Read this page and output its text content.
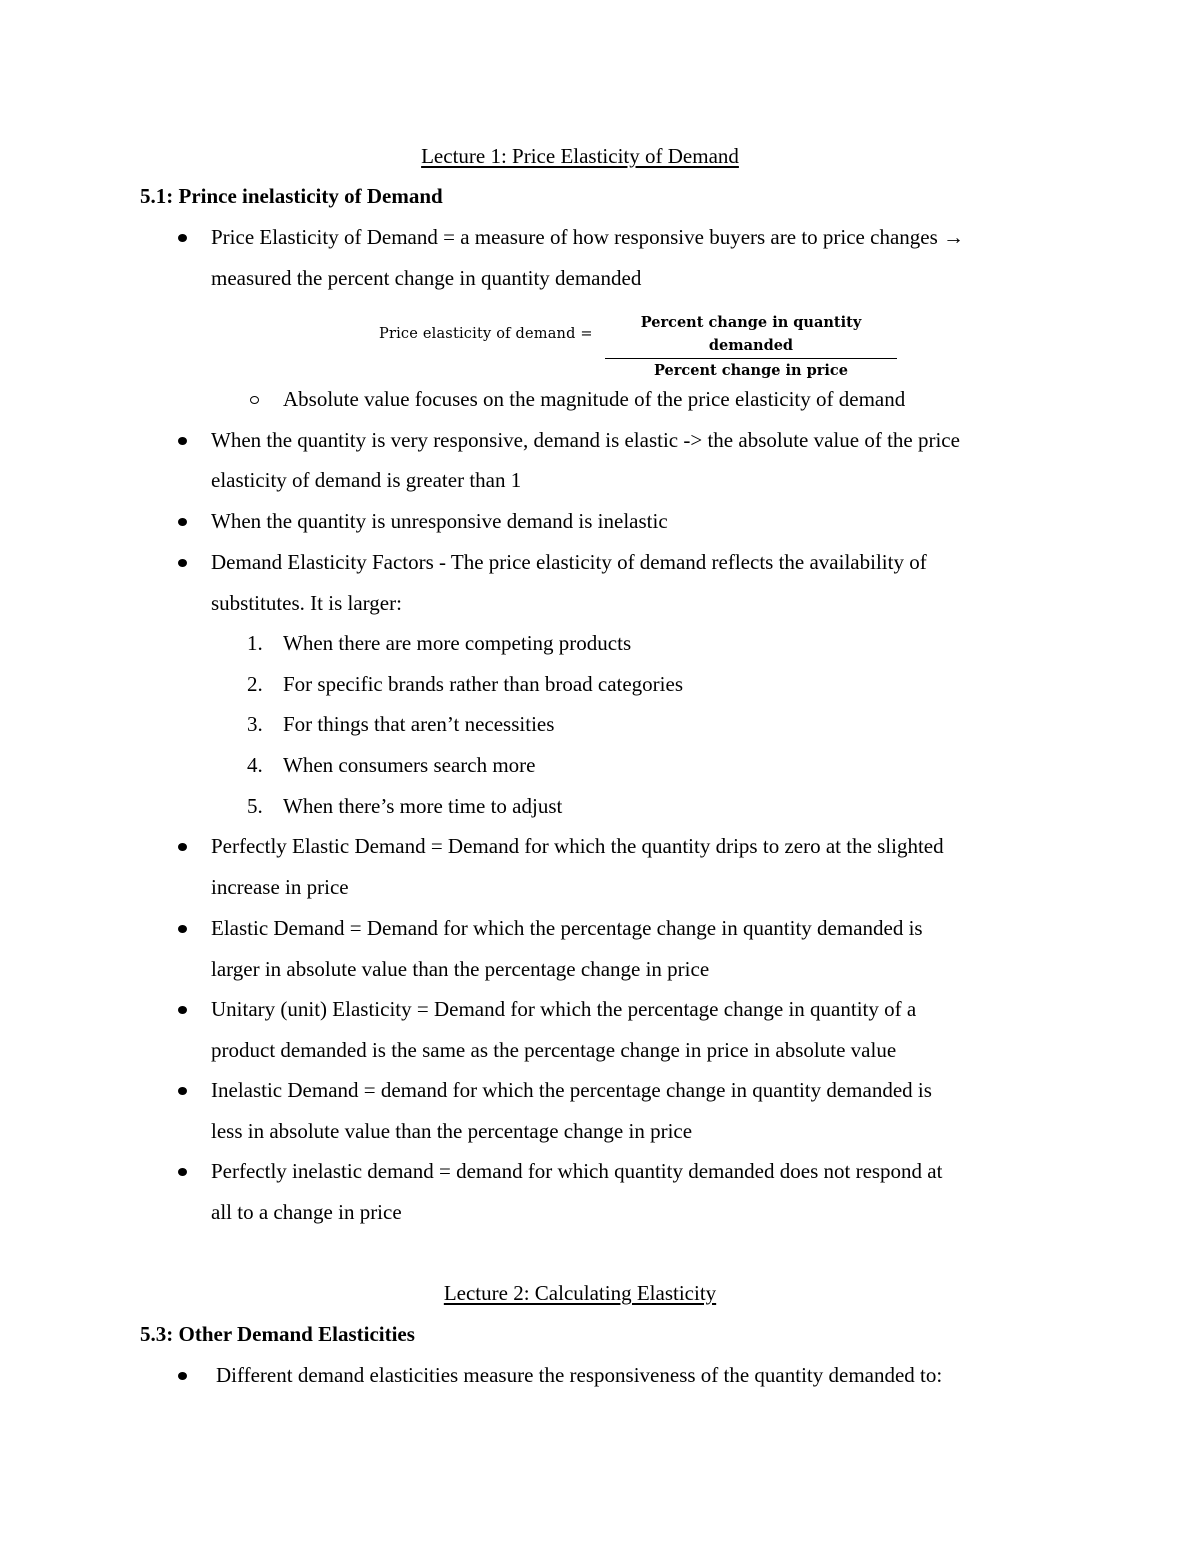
Lecture 1: Price Elasticity of Demand
5.1: Prince inelasticity of Demand
Price Elasticity of Demand = a measure of how responsive buyers are to price changes →
measured the percent change in quantity demanded
Price elasticity of demand =
Percent change in quantity demanded
Percent change in price
Absolute value focuses on the magnitude of the price elasticity of demand
When the quantity is very responsive, demand is elastic -> the absolute value of the price
elasticity of demand is greater than 1
When the quantity is unresponsive demand is inelastic
Demand Elasticity Factors - The price elasticity of demand reflects the availability of
substitutes. It is larger:
1. When there are more competing products
2. For specific brands rather than broad categories
3. For things that aren’t necessities
4. When consumers search more
5. When there’s more time to adjust
Perfectly Elastic Demand = Demand for which the quantity drips to zero at the slighted
increase in price
Elastic Demand = Demand for which the percentage change in quantity demanded is
larger in absolute value than the percentage change in price
Unitary (unit) Elasticity = Demand for which the percentage change in quantity of a
product demanded is the same as the percentage change in price in absolute value
Inelastic Demand = demand for which the percentage change in quantity demanded is
less in absolute value than the percentage change in price
Perfectly inelastic demand = demand for which quantity demanded does not respond at
all to a change in price
Lecture 2: Calculating Elasticity
5.3: Other Demand Elasticities
Different demand elasticities measure the responsiveness of the quantity demanded to:
